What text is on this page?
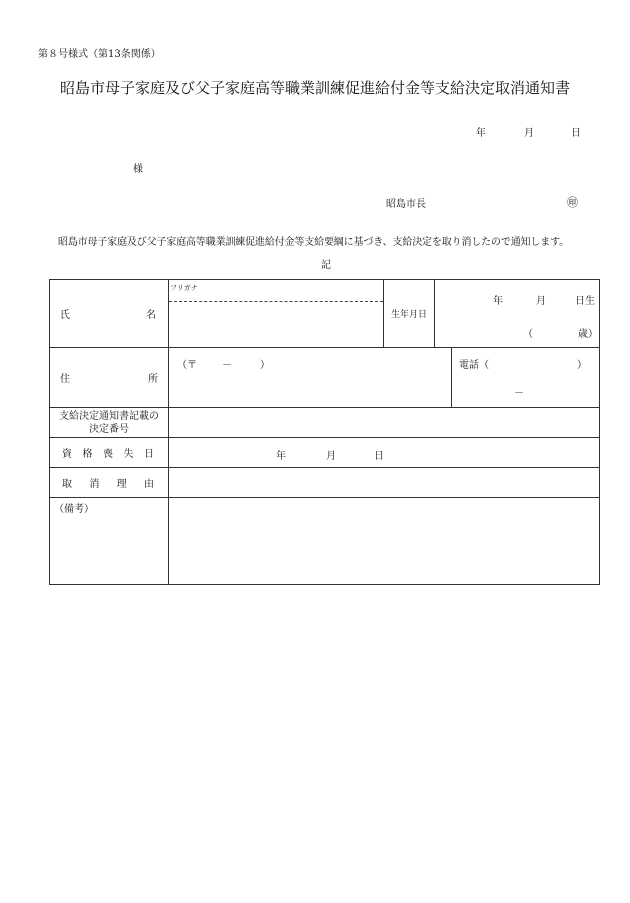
第８号様式（第13条関係）
昭島市母子家庭及び父子家庭高等職業訓練促進給付金等支給決定取消通知書
年	月	日
様
昭島市長	㊞
昭島市母子家庭及び父子家庭高等職業訓練促進給付金等支給要綱に基づき、支給決定を取り消したので通知します。
記
氏 名	フリガナ	生年月日	年 月 日生
（ 歳）	

住 所	（〒 － ）			電話（ ）
－

支給決定通知書記載の
決定番号				

資 格 喪 失 日	年 月 日			

取 消 理 由				

（備考）				
